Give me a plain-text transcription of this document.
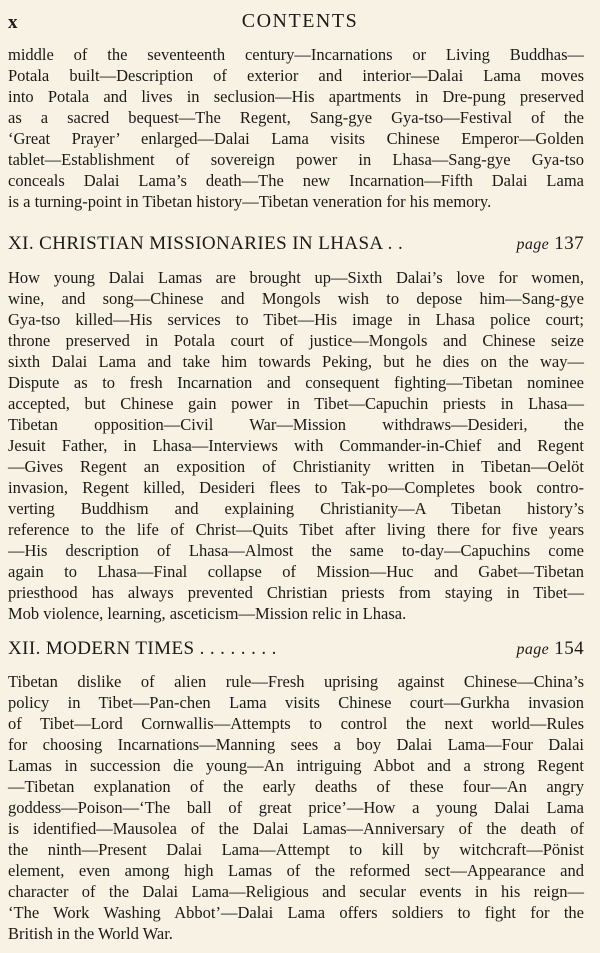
x	CONTENTS
middle of the seventeenth century—Incarnations or Living Buddhas—
Potala built—Description of exterior and interior—Dalai Lama moves
into Potala and lives in seclusion—His apartments in Dre-pung preserved
as a sacred bequest—The Regent, Sang-gye Gya-tso—Festival of the
‘Great Prayer’ enlarged—Dalai Lama visits Chinese Emperor—Golden
tablet—Establishment of sovereign power in Lhasa—Sang-gye Gya-tso
conceals Dalai Lama’s death—The new Incarnation—Fifth Dalai Lama
is a turning-point in Tibetan history—Tibetan veneration for his memory.
XI. CHRISTIAN MISSIONARIES IN LHASA . .	page 137
How young Dalai Lamas are brought up—Sixth Dalai’s love for women,
wine, and song—Chinese and Mongols wish to depose him—Sang-gye
Gya-tso killed—His services to Tibet—His image in Lhasa police court;
throne preserved in Potala court of justice—Mongols and Chinese seize
sixth Dalai Lama and take him towards Peking, but he dies on the way—
Dispute as to fresh Incarnation and consequent fighting—Tibetan nominee
accepted, but Chinese gain power in Tibet—Capuchin priests in Lhasa—
Tibetan opposition—Civil War—Mission withdraws—Desideri, the
Jesuit Father, in Lhasa—Interviews with Commander-in-Chief and Regent
—Gives Regent an exposition of Christianity written in Tibetan—Oelöt
invasion, Regent killed, Desideri flees to Tak-po—Completes book contro-
verting Buddhism and explaining Christianity—A Tibetan history’s
reference to the life of Christ—Quits Tibet after living there for five years
—His description of Lhasa—Almost the same to-day—Capuchins come
again to Lhasa—Final collapse of Mission—Huc and Gabet—Tibetan
priesthood has always prevented Christian priests from staying in Tibet—
Mob violence, learning, asceticism—Mission relic in Lhasa.
XII. MODERN TIMES . . . . . . . .	page 154
Tibetan dislike of alien rule—Fresh uprising against Chinese—China’s
policy in Tibet—Pan-chen Lama visits Chinese court—Gurkha invasion
of Tibet—Lord Cornwallis—Attempts to control the next world—Rules
for choosing Incarnations—Manning sees a boy Dalai Lama—Four Dalai
Lamas in succession die young—An intriguing Abbot and a strong Regent
—Tibetan explanation of the early deaths of these four—An angry
goddess—Poison—‘The ball of great price’—How a young Dalai Lama
is identified—Mausolea of the Dalai Lamas—Anniversary of the death of
the ninth—Present Dalai Lama—Attempt to kill by witchcraft—Pönist
element, even among high Lamas of the reformed sect—Appearance and
character of the Dalai Lama—Religious and secular events in his reign—
‘The Work Washing Abbot’—Dalai Lama offers soldiers to fight for the
British in the World War.
